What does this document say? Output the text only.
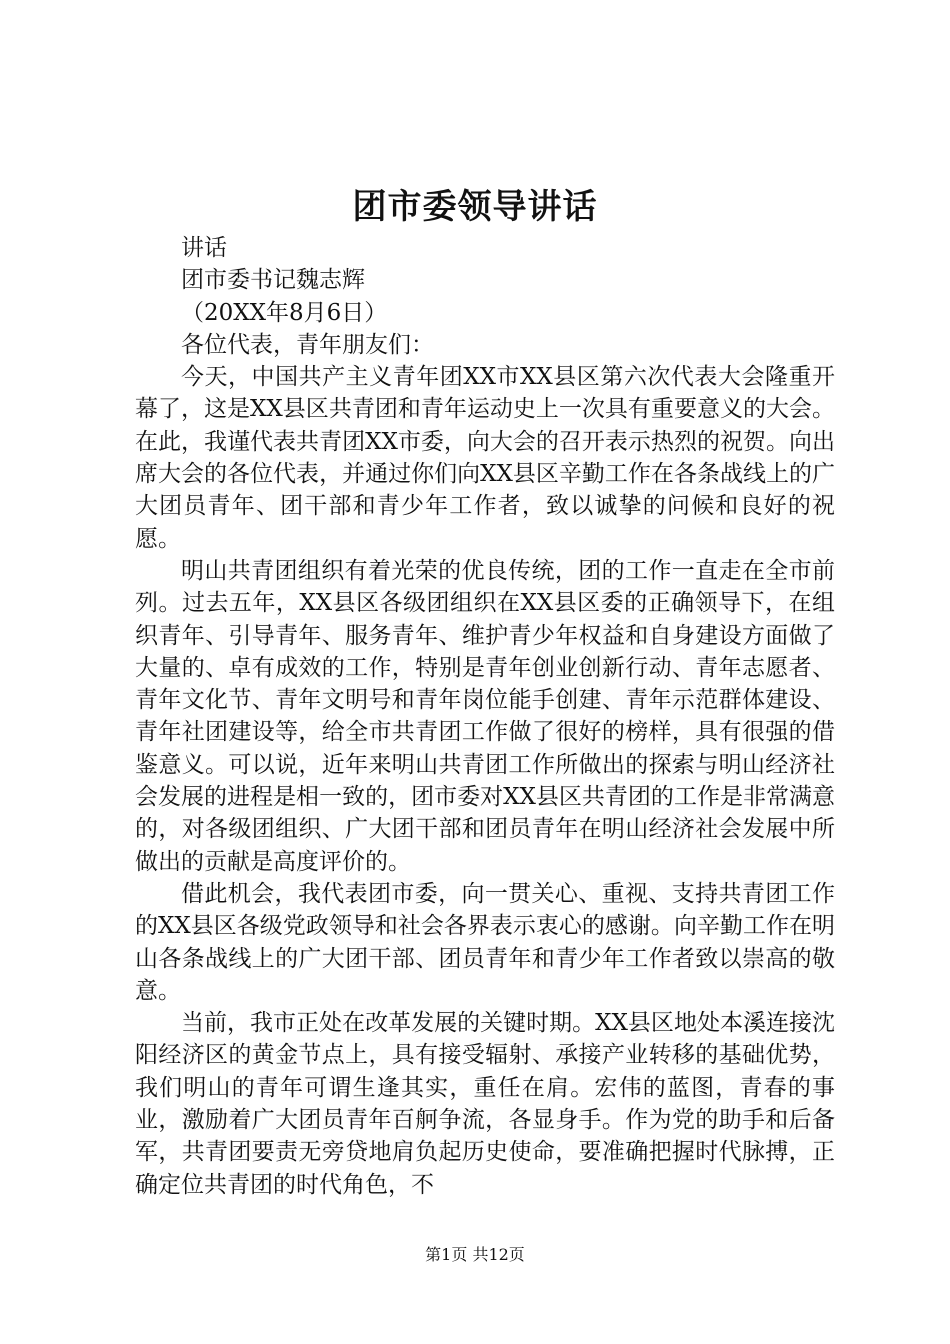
团市委领导讲话

讲话

团市委书记魏志辉

（20XX年8月6日）

各位代表，青年朋友们：

今天，中国共产主义青年团XX市XX县区第六次代表大会隆重开幕了，这是XX县区共青团和青年运动史上一次具有重要意义的大会。在此，我谨代表共青团XX市委，向大会的召开表示热烈的祝贺。向出席大会的各位代表，并通过你们向XX县区辛勤工作在各条战线上的广大团员青年、团干部和青少年工作者，致以诚挚的问候和良好的祝愿。

明山共青团组织有着光荣的优良传统，团的工作一直走在全市前列。过去五年，XX县区各级团组织在XX县区委的正确领导下，在组织青年、引导青年、服务青年、维护青少年权益和自身建设方面做了大量的、卓有成效的工作，特别是青年创业创新行动、青年志愿者、青年文化节、青年文明号和青年岗位能手创建、青年示范群体建设、青年社团建设等，给全市共青团工作做了很好的榜样，具有很强的借鉴意义。可以说，近年来明山共青团工作所做出的探索与明山经济社会发展的进程是相一致的，团市委对XX县区共青团的工作是非常满意的，对各级团组织、广大团干部和团员青年在明山经济社会发展中所做出的贡献是高度评价的。

借此机会，我代表团市委，向一贯关心、重视、支持共青团工作的XX县区各级党政领导和社会各界表示衷心的感谢。向辛勤工作在明山各条战线上的广大团干部、团员青年和青少年工作者致以崇高的敬意。

当前，我市正处在改革发展的关键时期。XX县区地处本溪连接沈阳经济区的黄金节点上，具有接受辐射、承接产业转移的基础优势，我们明山的青年可谓生逢其实，重任在肩。宏伟的蓝图，青春的事业，激励着广大团员青年百舸争流，各显身手。作为党的助手和后备军，共青团要责无旁贷地肩负起历史使命，要准确把握时代脉搏，正确定位共青团的时代角色，不

第1页 共12页
